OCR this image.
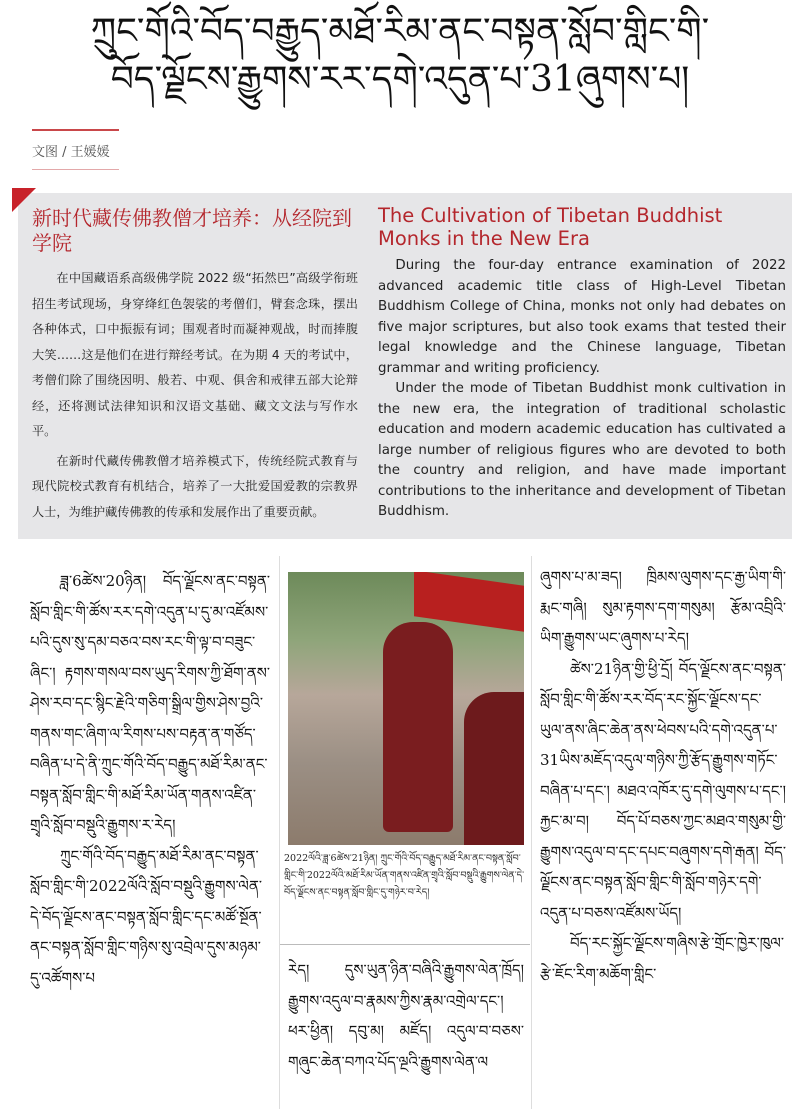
ཀྲུང་གོའི་བོད་བརྒྱུད་མཐོ་རིམ་ནང་བསྟན་སློབ་གླིང་གི་
བོད་ལྗོངས་རྒྱུགས་རར་དགེ་འདུན་པ་31ཞུགས་པ།
文图 / 王媛媛
新时代藏传佛教僧才培养：从经院到学院

在中国藏语系高级佛学院 2022 级“拓然巴”高级学衔班招生考试现场，身穿绛红色袈裟的考僧们，臂套念珠，摆出各种体式，口中振振有词；围观者时而凝神观战，时而捧腹大笑……这是他们在进行辩经考试。在为期 4 天的考试中，考僧们除了围绕因明、般若、中观、俱舍和戒律五部大论辩经，还将测试法律知识和汉语文基础、藏文文法与写作水平。

在新时代藏传佛教僧才培养模式下，传统经院式教育与现代院校式教育有机结合，培养了一大批爱国爱教的宗教界人士，为维护藏传佛教的传承和发展作出了重要贡献。

The Cultivation of Tibetan Buddhist Monks in the New Era

During the four-day entrance examination of 2022 advanced academic title class of High-Level Tibetan Buddhism College of China, monks not only had debates on five major scriptures, but also took exams that tested their legal knowledge and the Chinese language, Tibetan grammar and writing proficiency.

Under the mode of Tibetan Buddhist monk cultivation in the new era, the integration of traditional scholastic education and modern academic education has cultivated a large number of religious figures who are devoted to both the country and religion, and have made important contributions to the inheritance and development of Tibetan Buddhism.

ཟླ་6ཚེས་20ཉིན། བོད་ལྗོངས་ནང་བསྟན་སློབ་གླིང་གི་ཚོས་རར་དགེ་འདུན་པ་དུ་མ་འཛོམས་པའི་དུས་སུ་དམ་བཅའ་བས་རང་གི་ལྟ་བ་བཟུང་ཞིང་། རྟགས་གསལ་བས་ཡུད་རིགས་ཀྱི་ཐོག་ནས་ཤེས་རབ་དང་སྙིང་རྗེའི་གཅིག་སྒྲིལ་གྱིས་ཤེས་བྱའི་གནས་གང་ཞིག་ལ་རིགས་པས་བརྟན་ན་གཙོད་བཞིན་པ་དེ་ནི་ཀྲུང་གོའི་བོད་བརྒྱུད་མཐོ་རིམ་ནང་བསྟན་སློབ་གླིང་གི་མཐོ་རིམ་ཡོན་གནས་འཛིན་གྲྭའི་སློབ་བསྡུའི་རྒྱུགས་ར་རེད།

ཀྲུང་གོའི་བོད་བརྒྱུད་མཐོ་རིམ་ནང་བསྟན་སློབ་གླིང་གི་2022ལོའི་སློབ་བསྡུའི་རྒྱུགས་ལེན་དེ་བོད་ལྗོངས་ནང་བསྟན་སློབ་གླིང་དང་མཚོ་སྔོན་ནང་བསྟན་སློབ་གླིང་གཉིས་སུ་འབྲེལ་དུས་མཉམ་དུ་འཚོགས་པ

2022ལོའི་ཟླ་6ཚེས་21ཉིན། ཀྲུང་གོའི་བོད་བརྒྱུད་མཐོ་རིམ་ནང་བསྟན་སློབ་གླིང་གི་2022ལོའི་མཐོ་རིམ་ཡོན་གནས་འཛིན་གྲྭའི་སློབ་བསྡུའི་རྒྱུགས་ལེན་དེ་བོད་ལྗོངས་ནང་བསྟན་སློབ་གླིང་དུ་གཉེར་བ་རེད།

རེད། དུས་ཡུན་ཉིན་བཞིའི་རྒྱུགས་ལེན་ཁྲོད། རྒྱུགས་འདུལ་བ་རྣམས་ཀྱིས་རྣམ་འགྲེལ་དང་། ཕར་ཕྱིན། དབུ་མ། མཛོད། འདུལ་བ་བཅས་གཞུང་ཆེན་བཀའ་པོད་ལྔའི་རྒྱུགས་ལེན་ལ

ཞུགས་པ་མ་ཟད། ཁྲིམས་ལུགས་དང་རྒྱ་ཡིག་གི་རྨང་གཞི། སུམ་རྟགས་དག་གསུམ། རྩོམ་འབྲིའི་ཡིག་རྒྱུགས་ཡང་ཞུགས་པ་རེད།

ཚེས་21ཉིན་གྱི་ཕྱི་དྲོ། བོད་ལྗོངས་ནང་བསྟན་སློབ་གླིང་གི་ཚོས་རར་བོད་རང་སྐྱོང་ལྗོངས་དང་ཡུལ་ནས་ཞིང་ཆེན་ནས་ཕེབས་པའི་དགེ་འདུན་པ་31ཡིས་མཇོད་འདུལ་གཉིས་ཀྱི་རྩོད་རྒྱུགས་གཏོང་བཞིན་པ་དང་། མཐའ་འཁོར་དུ་དགེ་ལུགས་པ་དང་། རྐྱང་མ་བ། བོད་པོ་བཅས་ཀྱང་མཐའ་གསུམ་གྱི་རྒྱུགས་འདུལ་བ་དང་དཔང་བཞུགས་དགེ་རྒན། བོད་ལྗོངས་ནང་བསྟན་སློབ་གླིང་གི་སློབ་གཉེར་དགེ་འདུན་པ་བཅས་འཛོམས་ཡོད།

བོད་རང་སྐྱོང་ལྗོངས་གཞིས་རྩེ་གྲོང་ཁྱེར་ཁུལ་རྩེ་ཇོང་རིག་མཆོག་གླིང་
